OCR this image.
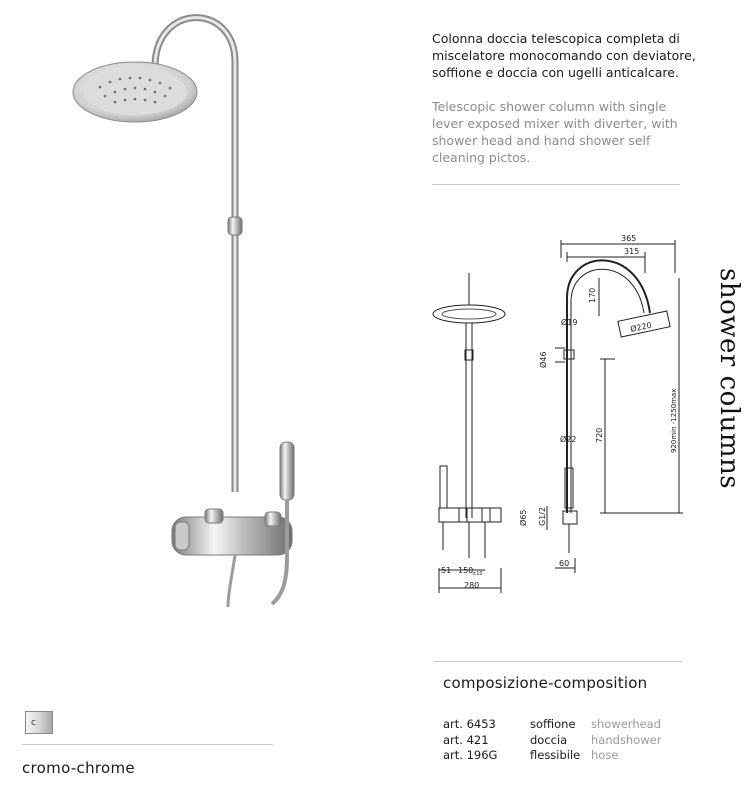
Colonna doccia telescopica completa di
miscelatore monocomando con deviatore,
soffione e doccia con ugelli anticalcare.
Telescopic shower column with single
lever exposed mixer with diverter, with
shower head and hand shower self
cleaning pictos.
shower columns
365
315
170
Ø19	Ø220
Ø46
720	920min -1250max
Ø22
G1/2
Ø65
60
51 150
±10
280
composizione-composition
art. 6453	soffione showerhead
art. 421	doccia handshower
art. 196G	flessibile hose
c
cromo-chrome
